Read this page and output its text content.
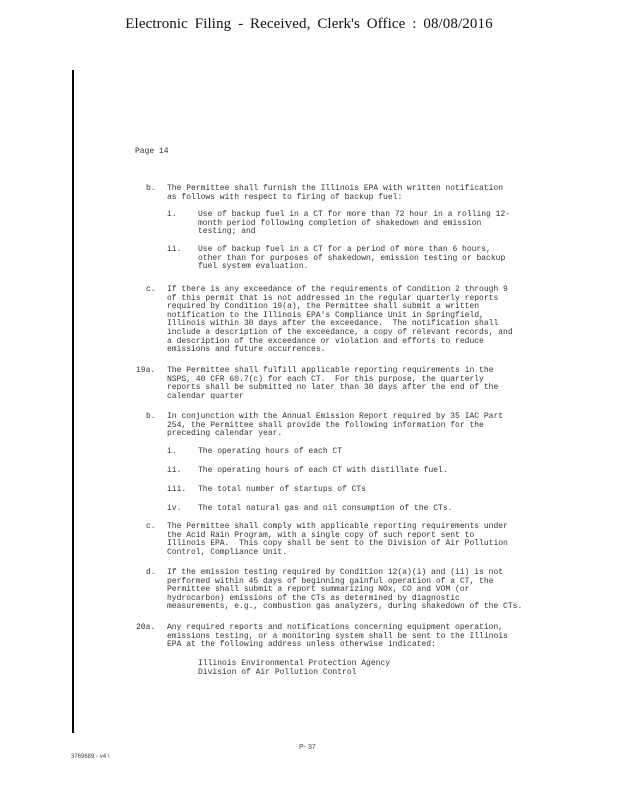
Electronic Filing - Received, Clerk's Office : 08/08/2016
Page 14
b. The Permittee shall furnish the Illinois EPA with written notification
as follows with respect to firing of backup fuel:
i.	Use of backup fuel in a CT for more than 72 hour in a rolling 12-
month period following completion of shakedown and emission
testing; and
ii. Use of backup fuel in a CT for a period of more than 6 hours,
other than for purposes of shakedown, emission testing or backup
fuel system evaluation.
c. If there is any exceedance of the requirements of Condition 2 through 9
of this permit that is not addressed in the regular quarterly reports
required by Condition 19(a), the Permittee shall submit a written
notification to the Illinois EPA's Compliance Unit in Springfield,
Illinois within 30 days after the exceedance.  The notification shall
include a description of the exceedance, a copy of relevant records, and
a description of the exceedance or violation and efforts to reduce
emissions and future occurrences.
19a. The Permittee shall fulfill applicable reporting requirements in the
NSPS, 40 CFR 60.7(c) for each CT.  For this purpose, the quarterly
reports shall be submitted no later than 30 days after the end of the
calendar quarter
b. In conjunction with the Annual Emission Report required by 35 IAC Part
254, the Permittee shall provide the following information for the
preceding calendar year.
i.	The operating hours of each CT
ii. The operating hours of each CT with distillate fuel.
iii. The total number of startups of CTs
iv. The total natural gas and oil consumption of the CTs.
c. The Permittee shall comply with applicable reporting requirements under
the Acid Rain Program, with a single copy of such report sent to
Illinois EPA.  This copy shall be sent to the Division of Air Pollution
Control, Compliance Unit.
d. If the emission testing required by Condition 12(a)(i) and (ii) is not
performed within 45 days of beginning gainful operation of a CT, the
Permittee shall submit a report summarizing NOx, CO and VOM (or
hydrocarbon) emissions of the CTs as determined by diagnostic
measurements, e.g., combustion gas analyzers, during shakedown of the CTs.
20a. Any required reports and notifications concerning equipment operation,
emissions testing, or a monitoring system shall be sent to the Illinois
EPA at the following address unless otherwise indicated:
Illinois Environmental Protection Agency
Division of Air Pollution Control
P- 37
3769689 - v4 \
